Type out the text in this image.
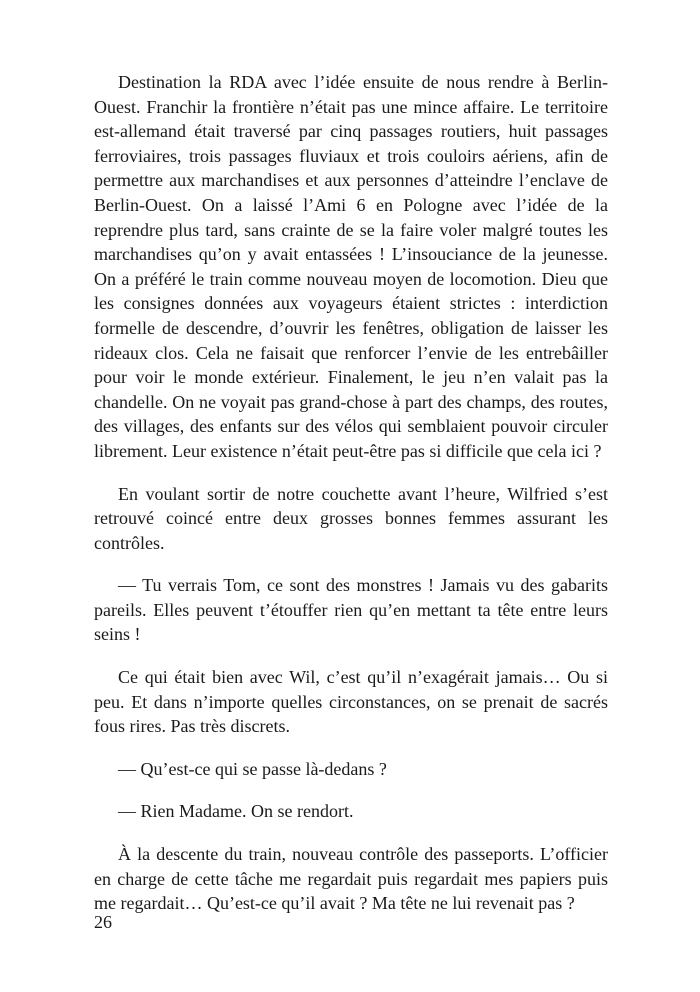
Destination la RDA avec l’idée ensuite de nous rendre à Berlin-Ouest. Franchir la frontière n’était pas une mince affaire. Le territoire est-allemand était traversé par cinq passages routiers, huit passages ferroviaires, trois passages fluviaux et trois couloirs aériens, afin de permettre aux marchandises et aux personnes d’atteindre l’enclave de Berlin-Ouest. On a laissé l’Ami 6 en Pologne avec l’idée de la reprendre plus tard, sans crainte de se la faire voler malgré toutes les marchandises qu’on y avait entassées ! L’insouciance de la jeunesse. On a préféré le train comme nouveau moyen de locomotion. Dieu que les consignes données aux voyageurs étaient strictes : interdiction formelle de descendre, d’ouvrir les fenêtres, obligation de laisser les rideaux clos. Cela ne faisait que renforcer l’envie de les entrebâiller pour voir le monde extérieur. Finalement, le jeu n’en valait pas la chandelle. On ne voyait pas grand-chose à part des champs, des routes, des villages, des enfants sur des vélos qui semblaient pouvoir circuler librement. Leur existence n’était peut-être pas si difficile que cela ici ?

En voulant sortir de notre couchette avant l’heure, Wilfried s’est retrouvé coincé entre deux grosses bonnes femmes assurant les contrôles.

— Tu verrais Tom, ce sont des monstres ! Jamais vu des gabarits pareils. Elles peuvent t’étouffer rien qu’en mettant ta tête entre leurs seins !

Ce qui était bien avec Wil, c’est qu’il n’exagérait jamais… Ou si peu. Et dans n’importe quelles circonstances, on se prenait de sacrés fous rires. Pas très discrets.

— Qu’est-ce qui se passe là-dedans ?

— Rien Madame. On se rendort.

À la descente du train, nouveau contrôle des passeports. L’officier en charge de cette tâche me regardait puis regardait mes papiers puis me regardait… Qu’est-ce qu’il avait ? Ma tête ne lui revenait pas ?

26
